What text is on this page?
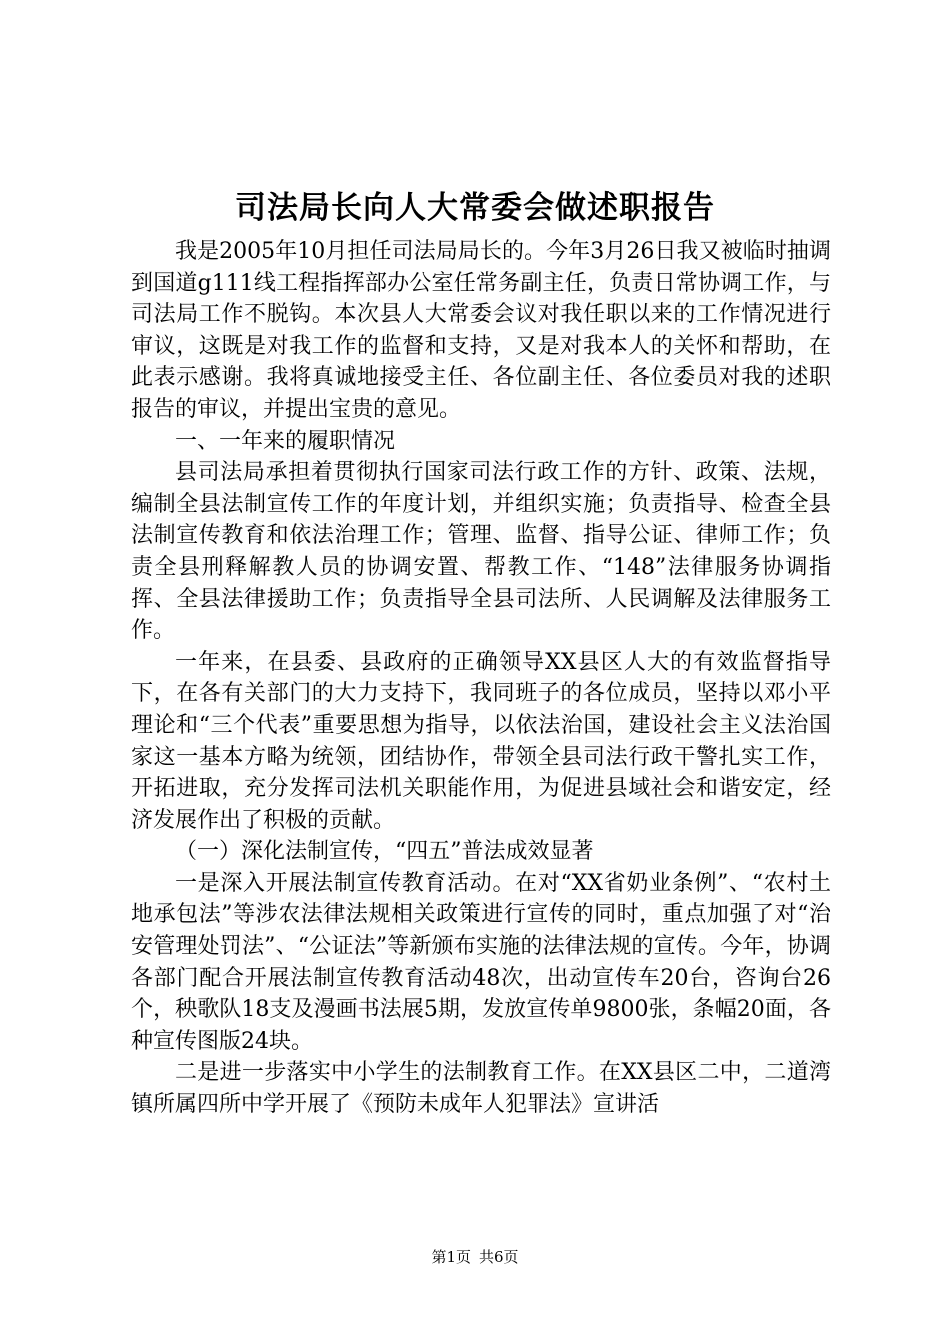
司法局长向人大常委会做述职报告

我是2005年10月担任司法局局长的。今年3月26日我又被临时抽调到国道g111线工程指挥部办公室任常务副主任，负责日常协调工作，与司法局工作不脱钩。本次县人大常委会议对我任职以来的工作情况进行审议，这既是对我工作的监督和支持，又是对我本人的关怀和帮助，在此表示感谢。我将真诚地接受主任、各位副主任、各位委员对我的述职报告的审议，并提出宝贵的意见。

一、一年来的履职情况

县司法局承担着贯彻执行国家司法行政工作的方针、政策、法规，编制全县法制宣传工作的年度计划，并组织实施；负责指导、检查全县法制宣传教育和依法治理工作；管理、监督、指导公证、律师工作；负责全县刑释解教人员的协调安置、帮教工作、“148”法律服务协调指挥、全县法律援助工作；负责指导全县司法所、人民调解及法律服务工作。

一年来，在县委、县政府的正确领导XX县区人大的有效监督指导下，在各有关部门的大力支持下，我同班子的各位成员，坚持以邓小平理论和“三个代表”重要思想为指导，以依法治国，建设社会主义法治国家这一基本方略为统领，团结协作，带领全县司法行政干警扎实工作，开拓进取，充分发挥司法机关职能作用，为促进县域社会和谐安定，经济发展作出了积极的贡献。

（一）深化法制宣传，“四五”普法成效显著

一是深入开展法制宣传教育活动。在对“XX省奶业条例”、“农村土地承包法”等涉农法律法规相关政策进行宣传的同时，重点加强了对“治安管理处罚法”、“公证法”等新颁布实施的法律法规的宣传。今年，协调各部门配合开展法制宣传教育活动48次，出动宣传车20台，咨询台26个，秧歌队18支及漫画书法展5期，发放宣传单9800张，条幅20面，各种宣传图版24块。

二是进一步落实中小学生的法制教育工作。在XX县区二中，二道湾镇所属四所中学开展了《预防未成年人犯罪法》宣讲活

第1页 共6页
